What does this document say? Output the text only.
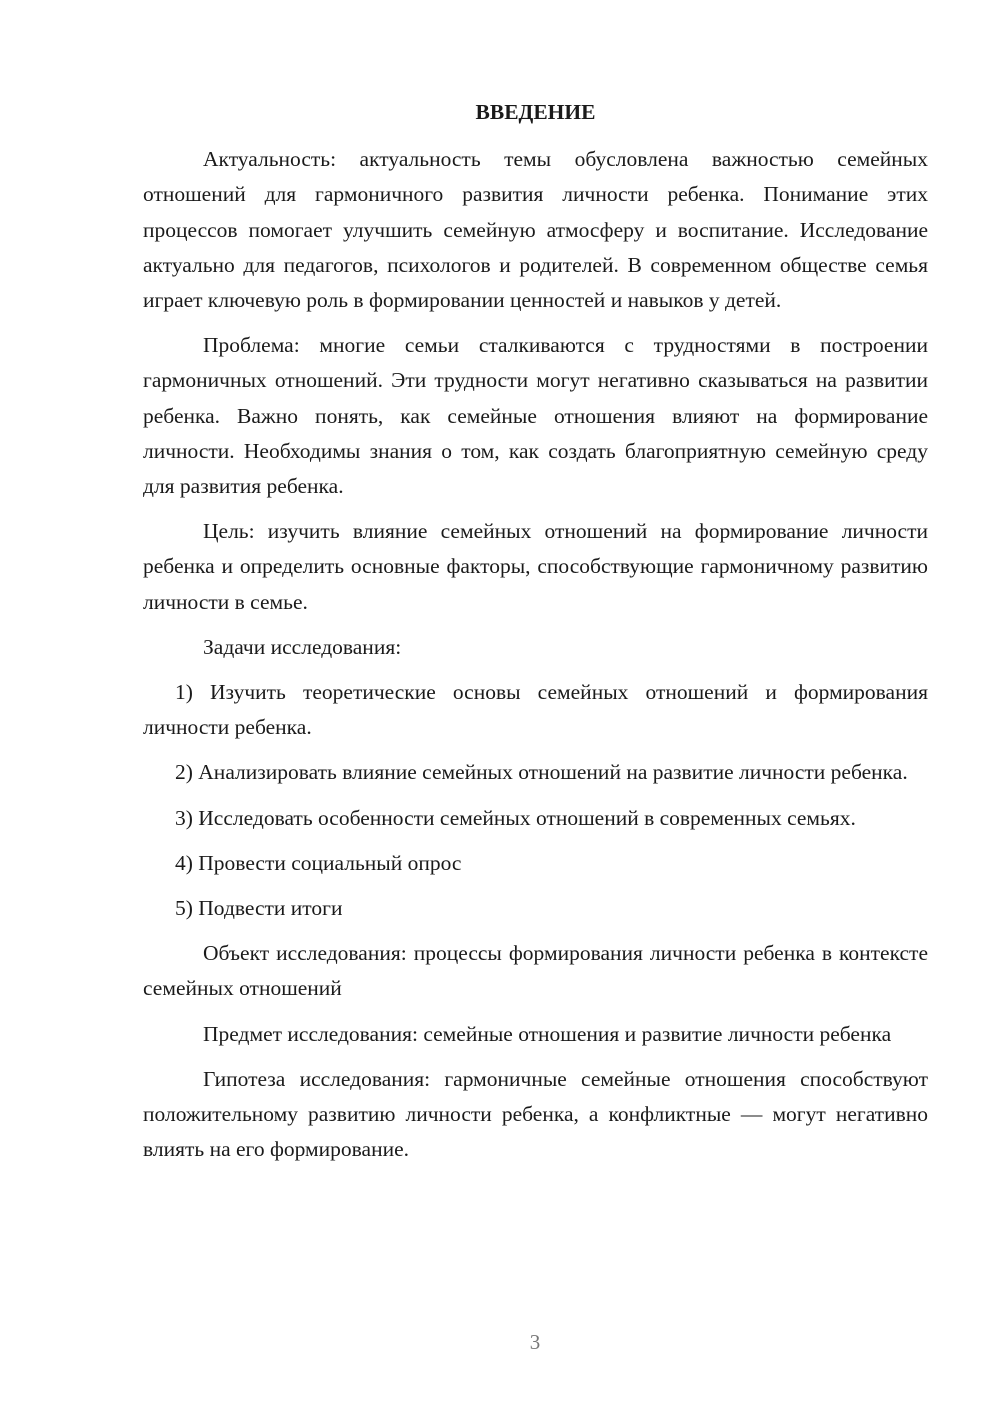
ВВЕДЕНИЕ

Актуальность: актуальность темы обусловлена важностью семейных отношений для гармоничного развития личности ребенка. Понимание этих процессов помогает улучшить семейную атмосферу и воспитание. Исследование актуально для педагогов, психологов и родителей. В современном обществе семья играет ключевую роль в формировании ценностей и навыков у детей.

Проблема: многие семьи сталкиваются с трудностями в построении гармоничных отношений. Эти трудности могут негативно сказываться на развитии ребенка. Важно понять, как семейные отношения влияют на формирование личности. Необходимы знания о том, как создать благоприятную семейную среду для развития ребенка.

Цель: изучить влияние семейных отношений на формирование личности ребенка и определить основные факторы, способствующие гармоничному развитию личности в семье.

Задачи исследования:

1) Изучить теоретические основы семейных отношений и формирования личности ребенка.

2) Анализировать влияние семейных отношений на развитие личности ребенка.

3) Исследовать особенности семейных отношений в современных семьях.

4) Провести социальный опрос

5) Подвести итоги

Объект исследования: процессы формирования личности ребенка в контексте семейных отношений

Предмет исследования: семейные отношения и развитие личности ребенка

Гипотеза исследования: гармоничные семейные отношения способствуют положительному развитию личности ребенка, а конфликтные — могут негативно влиять на его формирование.

3
